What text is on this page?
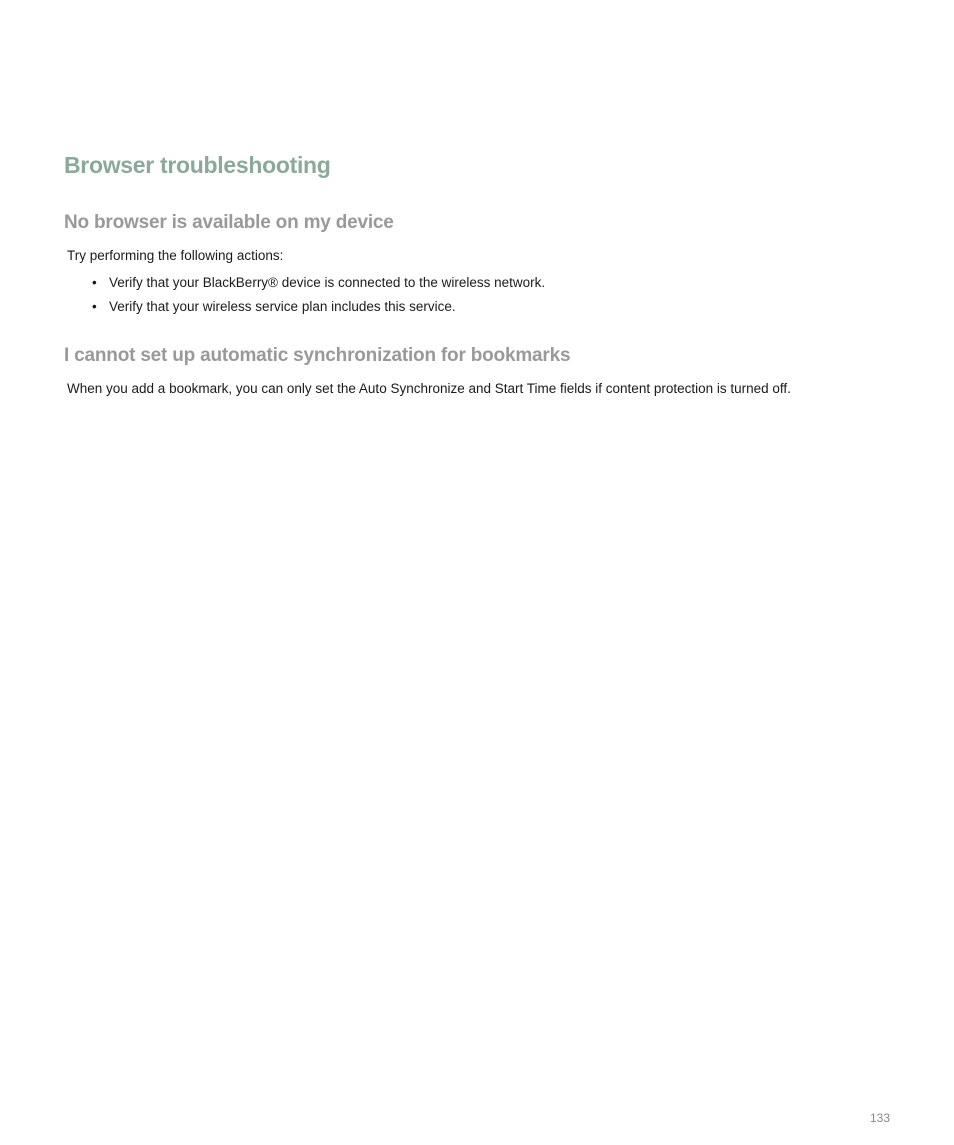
Browser troubleshooting
No browser is available on my device

Try performing the following actions:

• Verify that your BlackBerry® device is connected to the wireless network.
• Verify that your wireless service plan includes this service.
I cannot set up automatic synchronization for bookmarks

When you add a bookmark, you can only set the Auto Synchronize and Start Time fields if content protection is turned off.

133
